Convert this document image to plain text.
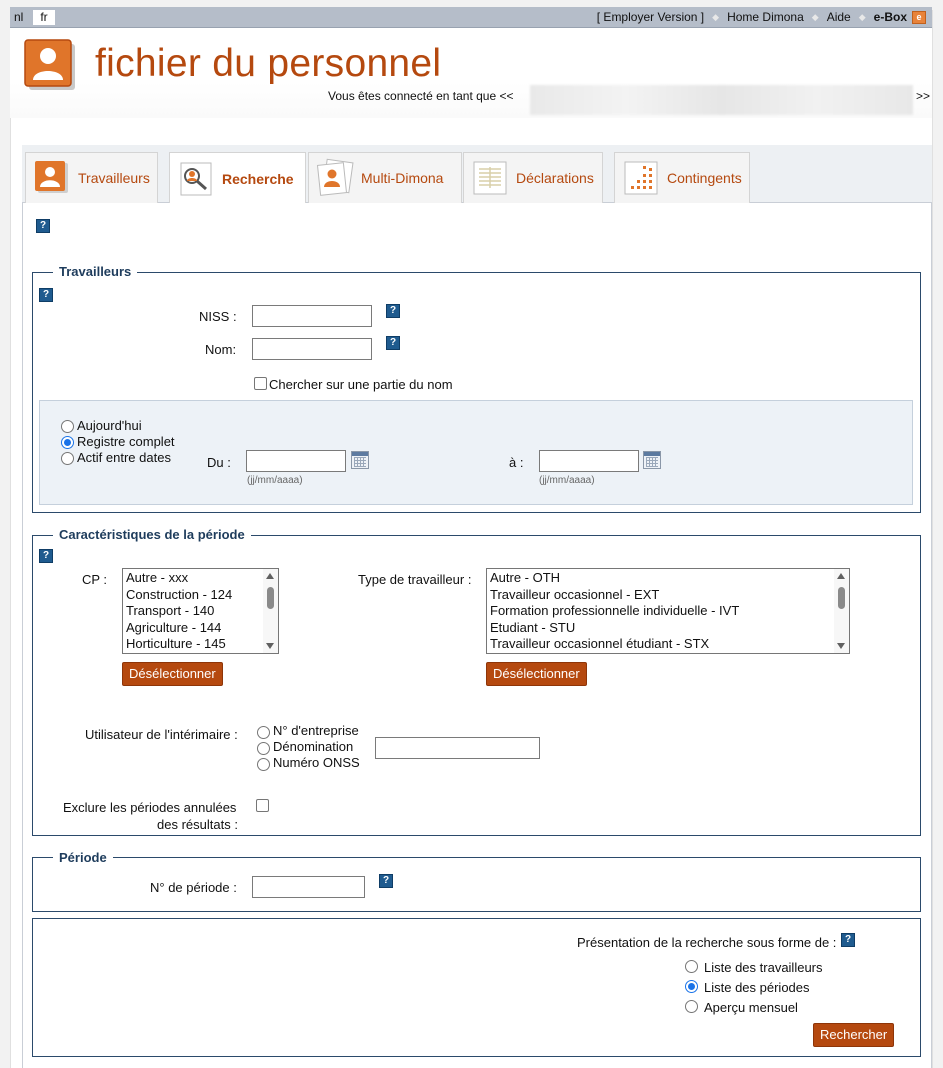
nl	fr	[ Employer Version ] ◆ Home Dimona ◆ Aide ◆ e-Box	e
fichier du personnel
Vous êtes connecté en tant que <<	>>
Travailleurs	Recherche	Multi-Dimona	Déclarations	Contingents
?
Travailleurs
?
NISS :	?
Nom:	?
Chercher sur une partie du nom
Aujourd'hui
Registre complet
Actif entre dates	Du :
(jj/mm/aaaa)
à :
(jj/mm/aaaa)
Caractéristiques de la période
?
CP : Autre - xxx
Construction - 124
Transport - 140
Agriculture - 144
Horticulture - 145
Désélectionner
Type de travailleur : Autre - OTH
Travailleur occasionnel - EXT
Formation professionnelle individuelle - IVT
Etudiant - STU
Travailleur occasionnel étudiant - STX
Désélectionner
Utilisateur de l'intérimaire :	N° d'entreprise
Dénomination
Numéro ONSS
Exclure les périodes annulées
des résultats :
Période
N° de période :	?
Présentation de la recherche sous forme de : ?
Liste des travailleurs
Liste des périodes
Aperçu mensuel
Rechercher
